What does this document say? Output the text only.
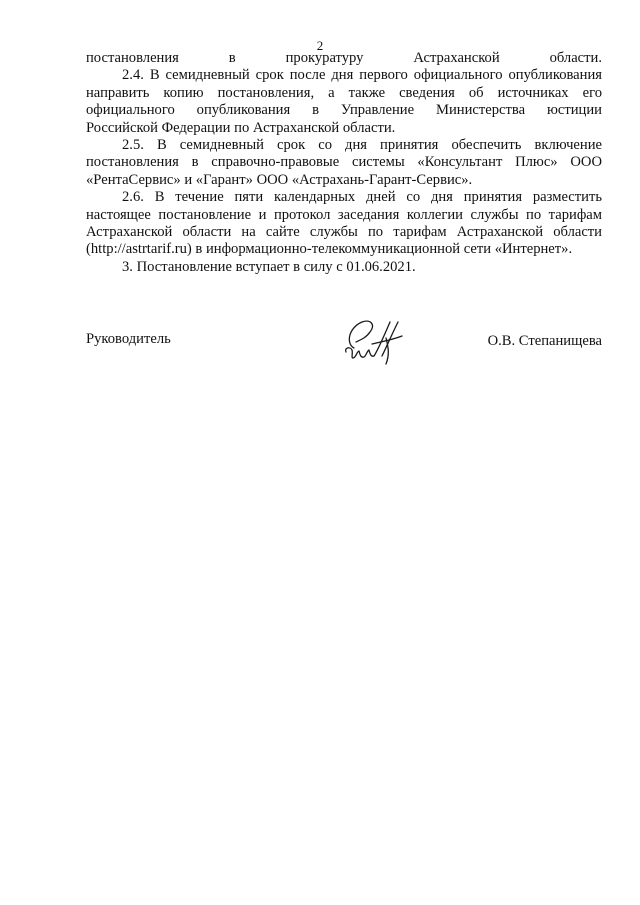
2
постановления в прокуратуру Астраханской области.
2.4. В семидневный срок после дня первого официального опубликования
направить копию постановления, а также сведения об источниках его
официального опубликования в Управление Министерства юстиции
Российской Федерации по Астраханской области.
2.5. В семидневный срок со дня принятия обеспечить включение
постановления в справочно-правовые системы «Консультант Плюс» ООО
«РентаСервис» и «Гарант» ООО «Астрахань-Гарант-Сервис».
2.6. В течение пяти календарных дней со дня принятия разместить
настоящее постановление и протокол заседания коллегии службы по тарифам
Астраханской области на сайте службы по тарифам Астраханской области
(http://astrtarif.ru) в информационно-телекоммуникационной сети «Интернет».
3. Постановление вступает в силу с 01.06.2021.
Руководитель	О.В. Степанищева
